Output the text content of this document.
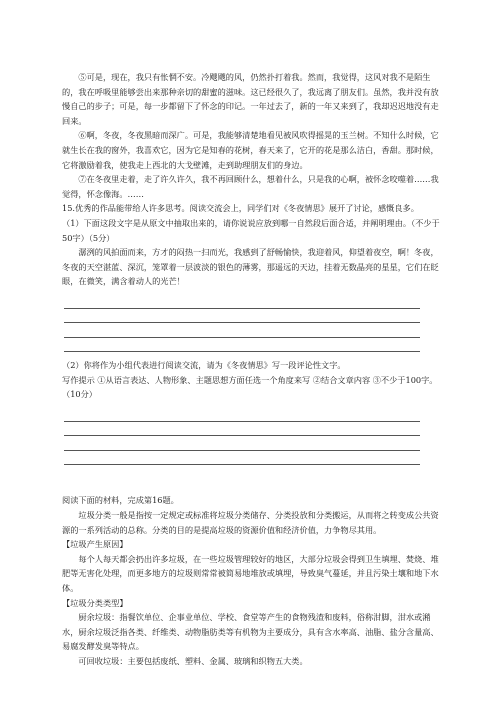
⑤可是，现在，我只有怅惘不安。冷飕飕的风，仍然扑打着我。然而，我觉得，这风对我不是陌生的，我在呼吸里能够尝出来那种亲切的甜蜜的滋味。这已经很久了，我远离了朋友们。虽然，我并没有放慢自己的步子；可是，每一步都留下了怀念的印记。一年过去了，新的一年又来到了，我却迟迟地没有走回来。

⑥啊，冬夜，冬夜黑暗而深广。可是，我能够清楚地看见被风吹得摇晃的玉兰树。不知什么时候，它就生长在我的窗外，我喜欢它，因为它是知春的花树，春天来了，它开的花是那么洁白，香甜。那时候，它将激励着我，使我走上西北的大戈壁滩，走到助理朋友们的身边。

⑦在冬夜里走着，走了许久许久，我不再回顾什么，想着什么，只是我的心啊，被怀念咬噬着……我觉得，怀念像海。……

15.优秀的作品能带给人许多思考。阅读交流会上，同学们对《冬夜情思》展开了讨论，感慨良多。

（1）下面这段文字是从原文中抽取出来的，请你说说应放到哪一自然段后面合适，并阐明理由。（不少于50字）（5分）

潺洌的风拍面而来，方才的闷热一扫而光，我感到了舒畅愉快，我迎着风，仰望着夜空，啊！冬夜，冬夜的天空湛蓝、深沉，笼罩着一层波淡的银色的薄雾，那遥远的天边，挂着无数晶亮的星星，它们在眨眼，在微笑，满含着动人的光芒！

（2）你将作为小组代表进行阅读交流，请为《冬夜情思》写一段评论性文字。

写作提示 ①从语言表达、人物形象、主题思想方面任选一个角度来写 ②结合文章内容 ③不少于100字。（10分）

阅读下面的材料，完成第16题。

垃圾分类一般是指按一定规定或标准将垃圾分类储存、分类投放和分类搬运，从而将之转变成公共资源的一系列活动的总称。分类的目的是提高垃圾的资源价值和经济价值，力争物尽其用。

【垃圾产生原因】

每个人每天都会扔出许多垃圾，在一些垃圾管理较好的地区，大部分垃圾会得到卫生填埋、焚烧、堆肥等无害化处理，而更多地方的垃圾则常常被简易地堆放或填埋，导致臭气蔓延，并且污染土壤和地下水体。

【垃圾分类类型】

厨余垃圾：指餐饮单位、企事业单位、学校、食堂等产生的食物残渣和废料，俗称泔脚，泔水或潲水，厨余垃圾泛指各类、纤维类、动物脂肪类等有机物为主要成分，具有含水率高、油脂、盐分含量高、易腐发酵发臭等特点。

可回收垃圾：主要包括废纸、塑料、金属、玻璃和织物五大类。
